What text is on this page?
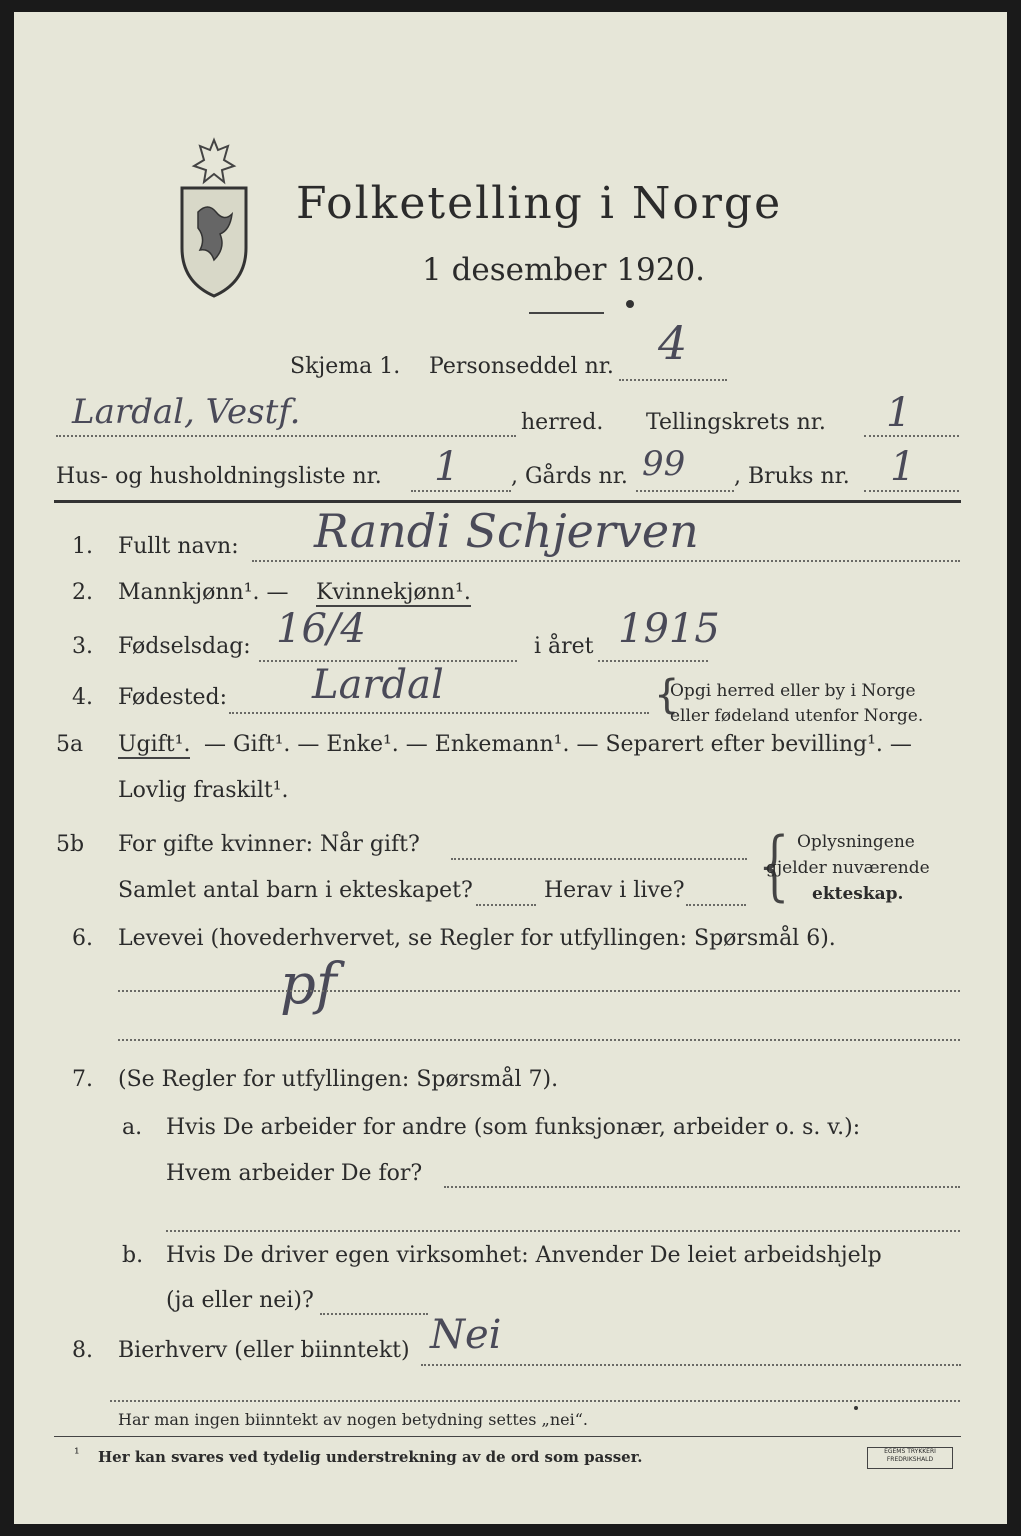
Folketelling i Norge
1 desember 1920.
Skjema 1. Personseddel nr. 4
Lardal, Vestf.	herred. Tellingskrets nr. 1
Hus- og husholdningsliste nr. 1 , Gårds nr. 99 , Bruks nr. 1
1. Fullt navn: Randi Schjerven
2. Mannkjønn¹. — Kvinnekjønn¹.
3. Fødselsdag: 16/4	i året 1915
4. Fødested: Lardal	{
Opgi herred eller by i Norge
eller fødeland utenfor Norge.
5a Ugift¹. — Gift¹. — Enke¹. — Enkemann¹. — Separert efter bevilling¹. —
Lovlig fraskilt¹.
5b For gifte kvinner: Når gift?
Samlet antal barn i ekteskapet?	Herav i live? {
Oplysningene
gjelder nuværende
ekteskap.
6. Levevei (hovederhvervet, se Regler for utfyllingen: Spørsmål 6).
pf
7. (Se Regler for utfyllingen: Spørsmål 7).
a. Hvis De arbeider for andre (som funksjonær, arbeider o. s. v.):
Hvem arbeider De for?
b. Hvis De driver egen virksomhet: Anvender De leiet arbeidshjelp
(ja eller nei)?
8. Bierhverv (eller biinntekt) Nei
Har man ingen biinntekt av nogen betydning settes „nei“.
¹ Her kan svares ved tydelig understrekning av de ord som passer.	EGEMS TRYKKERI FREDRIKSHALD
